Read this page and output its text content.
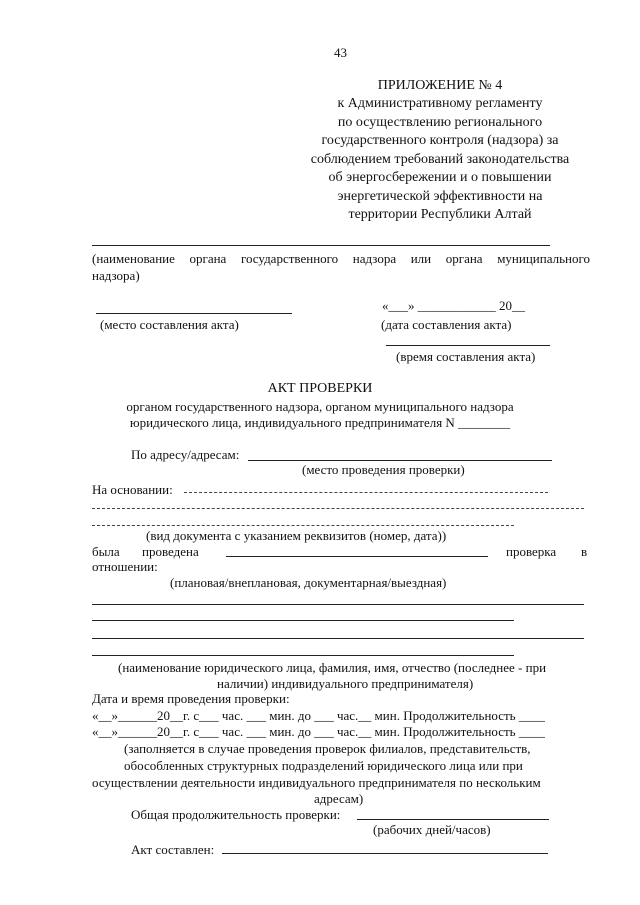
43
ПРИЛОЖЕНИЕ № 4
к Административному регламенту
по осуществлению регионального
государственного контроля (надзора) за
соблюдением требований законодательства
об энергосбережении и о повышении
энергетической эффективности на
территории Республики Алтай
(наименование органа государственного надзора или органа муниципального
надзора)
«___» ____________ 20__
(место составления акта)	(дата составления акта)
(время составления акта)
АКТ ПРОВЕРКИ
органом государственного надзора, органом муниципального надзора
юридического лица, индивидуального предпринимателя N ________
По адресу/адресам:
(место проведения проверки)
На основании:
(вид документа с указанием реквизитов (номер, дата))
была проведена	проверка в
отношении:
(плановая/внеплановая, документарная/выездная)
(наименование юридического лица, фамилия, имя, отчество (последнее - при
наличии) индивидуального предпринимателя)
Дата и время проведения проверки:
«__»______20__г. с___ час. ___ мин. до ___ час.__ мин. Продолжительность ____
«__»______20__г. с___ час. ___ мин. до ___ час.__ мин. Продолжительность ____
(заполняется в случае проведения проверок филиалов, представительств,
обособленных структурных подразделений юридического лица или при
осуществлении деятельности индивидуального предпринимателя по нескольким
адресам)
Общая продолжительность проверки:
(рабочих дней/часов)
Акт составлен:
